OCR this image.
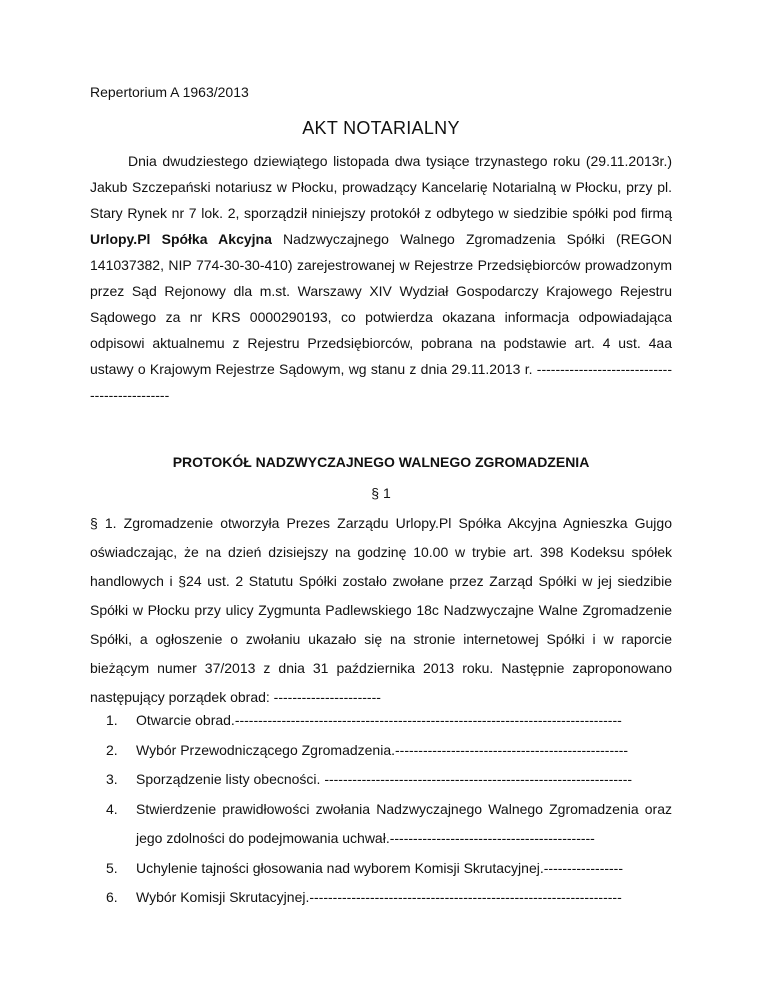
Repertorium A 1963/2013
AKT NOTARIALNY

Dnia dwudziestego dziewiątego listopada dwa tysiące trzynastego roku (29.11.2013r.) Jakub Szczepański notariusz w Płocku, prowadzący Kancelarię Notarialną w Płocku, przy pl. Stary Rynek nr 7 lok. 2, sporządził niniejszy protokół z odbytego w siedzibie spółki pod firmą Urlopy.Pl Spółka Akcyjna Nadzwyczajnego Walnego Zgromadzenia Spółki (REGON 141037382, NIP 774-30-30-410) zarejestrowanej w Rejestrze Przedsiębiorców prowadzonym przez Sąd Rejonowy dla m.st. Warszawy XIV Wydział Gospodarczy Krajowego Rejestru Sądowego za nr KRS 0000290193, co potwierdza okazana informacja odpowiadająca odpisowi aktualnemu z Rejestru Przedsiębiorców, pobrana na podstawie art. 4 ust. 4aa ustawy o Krajowym Rejestrze Sądowym, wg stanu z dnia 29.11.2013 r. ----------------------------------------------

PROTOKÓŁ NADZWYCZAJNEGO WALNEGO ZGROMADZENIA
§ 1

§ 1. Zgromadzenie otworzyła Prezes Zarządu Urlopy.Pl Spółka Akcyjna Agnieszka Gujgo oświadczając, że na dzień dzisiejszy na godzinę 10.00 w trybie art. 398 Kodeksu spółek handlowych i §24 ust. 2 Statutu Spółki zostało zwołane przez Zarząd Spółki w jej siedzibie Spółki w Płocku przy ulicy Zygmunta Padlewskiego 18c Nadzwyczajne Walne Zgromadzenie Spółki, a ogłoszenie o zwołaniu ukazało się na stronie internetowej Spółki i w raporcie bieżącym numer 37/2013 z dnia 31 października 2013 roku. Następnie zaproponowano następujący porządek obrad: -----------------------

1.	Otwarcie obrad.-----------------------------------------------------------------------------------
2.	Wybór Przewodniczącego Zgromadzenia.--------------------------------------------------
3.	Sporządzenie listy obecności. ------------------------------------------------------------------
4.	Stwierdzenie prawidłowości zwołania Nadzwyczajnego Walnego Zgromadzenia oraz jego zdolności do podejmowania uchwał.--------------------------------------------
5.	Uchylenie tajności głosowania nad wyborem Komisji Skrutacyjnej.-----------------
6.	Wybór Komisji Skrutacyjnej.-------------------------------------------------------------------
